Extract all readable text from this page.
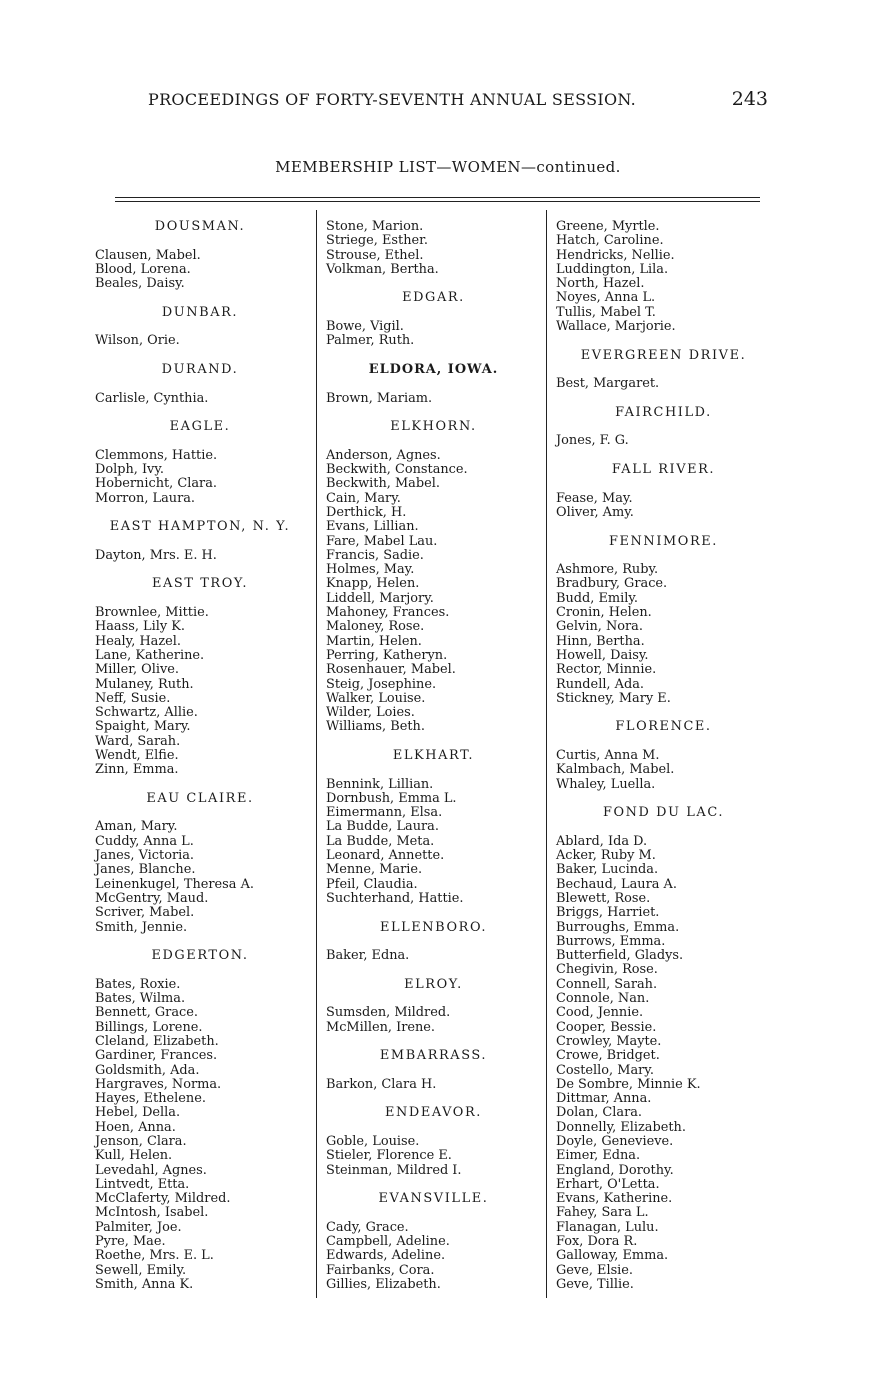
PROCEEDINGS OF FORTY-SEVENTH ANNUAL SESSION.	243
MEMBERSHIP LIST—WOMEN—continued.
DOUSMAN.
Clausen, Mabel.
Blood, Lorena.
Beales, Daisy.
DUNBAR.
Wilson, Orie.
DURAND.
Carlisle, Cynthia.
EAGLE.
Clemmons, Hattie.
Dolph, Ivy.
Hobernicht, Clara.
Morron, Laura.
EAST HAMPTON, N. Y.
Dayton, Mrs. E. H.
EAST TROY.
Brownlee, Mittie.
Haass, Lily K.
Healy, Hazel.
Lane, Katherine.
Miller, Olive.
Mulaney, Ruth.
Neff, Susie.
Schwartz, Allie.
Spaight, Mary.
Ward, Sarah.
Wendt, Elfie.
Zinn, Emma.
EAU CLAIRE.
Aman, Mary.
Cuddy, Anna L.
Janes, Victoria.
Janes, Blanche.
Leinenkugel, Theresa A.
McGentry, Maud.
Scriver, Mabel.
Smith, Jennie.
EDGERTON.
Bates, Roxie.
Bates, Wilma.
Bennett, Grace.
Billings, Lorene.
Cleland, Elizabeth.
Gardiner, Frances.
Goldsmith, Ada.
Hargraves, Norma.
Hayes, Ethelene.
Hebel, Della.
Hoen, Anna.
Jenson, Clara.
Kull, Helen.
Levedahl, Agnes.
Lintvedt, Etta.
McClaferty, Mildred.
McIntosh, Isabel.
Palmiter, Joe.
Pyre, Mae.
Roethe, Mrs. E. L.
Sewell, Emily.
Smith, Anna K.
Stone, Marion.
Striege, Esther.
Strouse, Ethel.
Volkman, Bertha.
EDGAR.
Bowe, Vigil.
Palmer, Ruth.
ELDORA, IOWA.
Brown, Mariam.
ELKHORN.
Anderson, Agnes.
Beckwith, Constance.
Beckwith, Mabel.
Cain, Mary.
Derthick, H.
Evans, Lillian.
Fare, Mabel Lau.
Francis, Sadie.
Holmes, May.
Knapp, Helen.
Liddell, Marjory.
Mahoney, Frances.
Maloney, Rose.
Martin, Helen.
Perring, Katheryn.
Rosenhauer, Mabel.
Steig, Josephine.
Walker, Louise.
Wilder, Loies.
Williams, Beth.
ELKHART.
Bennink, Lillian.
Dornbush, Emma L.
Eimermann, Elsa.
La Budde, Laura.
La Budde, Meta.
Leonard, Annette.
Menne, Marie.
Pfeil, Claudia.
Suchterhand, Hattie.
ELLENBORO.
Baker, Edna.
ELROY.
Sumsden, Mildred.
McMillen, Irene.
EMBARRASS.
Barkon, Clara H.
ENDEAVOR.
Goble, Louise.
Stieler, Florence E.
Steinman, Mildred I.
EVANSVILLE.
Cady, Grace.
Campbell, Adeline.
Edwards, Adeline.
Fairbanks, Cora.
Gillies, Elizabeth.
Greene, Myrtle.
Hatch, Caroline.
Hendricks, Nellie.
Luddington, Lila.
North, Hazel.
Noyes, Anna L.
Tullis, Mabel T.
Wallace, Marjorie.
EVERGREEN DRIVE.
Best, Margaret.
FAIRCHILD.
Jones, F. G.
FALL RIVER.
Fease, May.
Oliver, Amy.
FENNIMORE.
Ashmore, Ruby.
Bradbury, Grace.
Budd, Emily.
Cronin, Helen.
Gelvin, Nora.
Hinn, Bertha.
Howell, Daisy.
Rector, Minnie.
Rundell, Ada.
Stickney, Mary E.
FLORENCE.
Curtis, Anna M.
Kalmbach, Mabel.
Whaley, Luella.
FOND DU LAC.
Ablard, Ida D.
Acker, Ruby M.
Baker, Lucinda.
Bechaud, Laura A.
Blewett, Rose.
Briggs, Harriet.
Burroughs, Emma.
Burrows, Emma.
Butterfield, Gladys.
Chegivin, Rose.
Connell, Sarah.
Connole, Nan.
Cood, Jennie.
Cooper, Bessie.
Crowley, Mayte.
Crowe, Bridget.
Costello, Mary.
De Sombre, Minnie K.
Dittmar, Anna.
Dolan, Clara.
Donnelly, Elizabeth.
Doyle, Genevieve.
Eimer, Edna.
England, Dorothy.
Erhart, O'Letta.
Evans, Katherine.
Fahey, Sara L.
Flanagan, Lulu.
Fox, Dora R.
Galloway, Emma.
Geve, Elsie.
Geve, Tillie.
